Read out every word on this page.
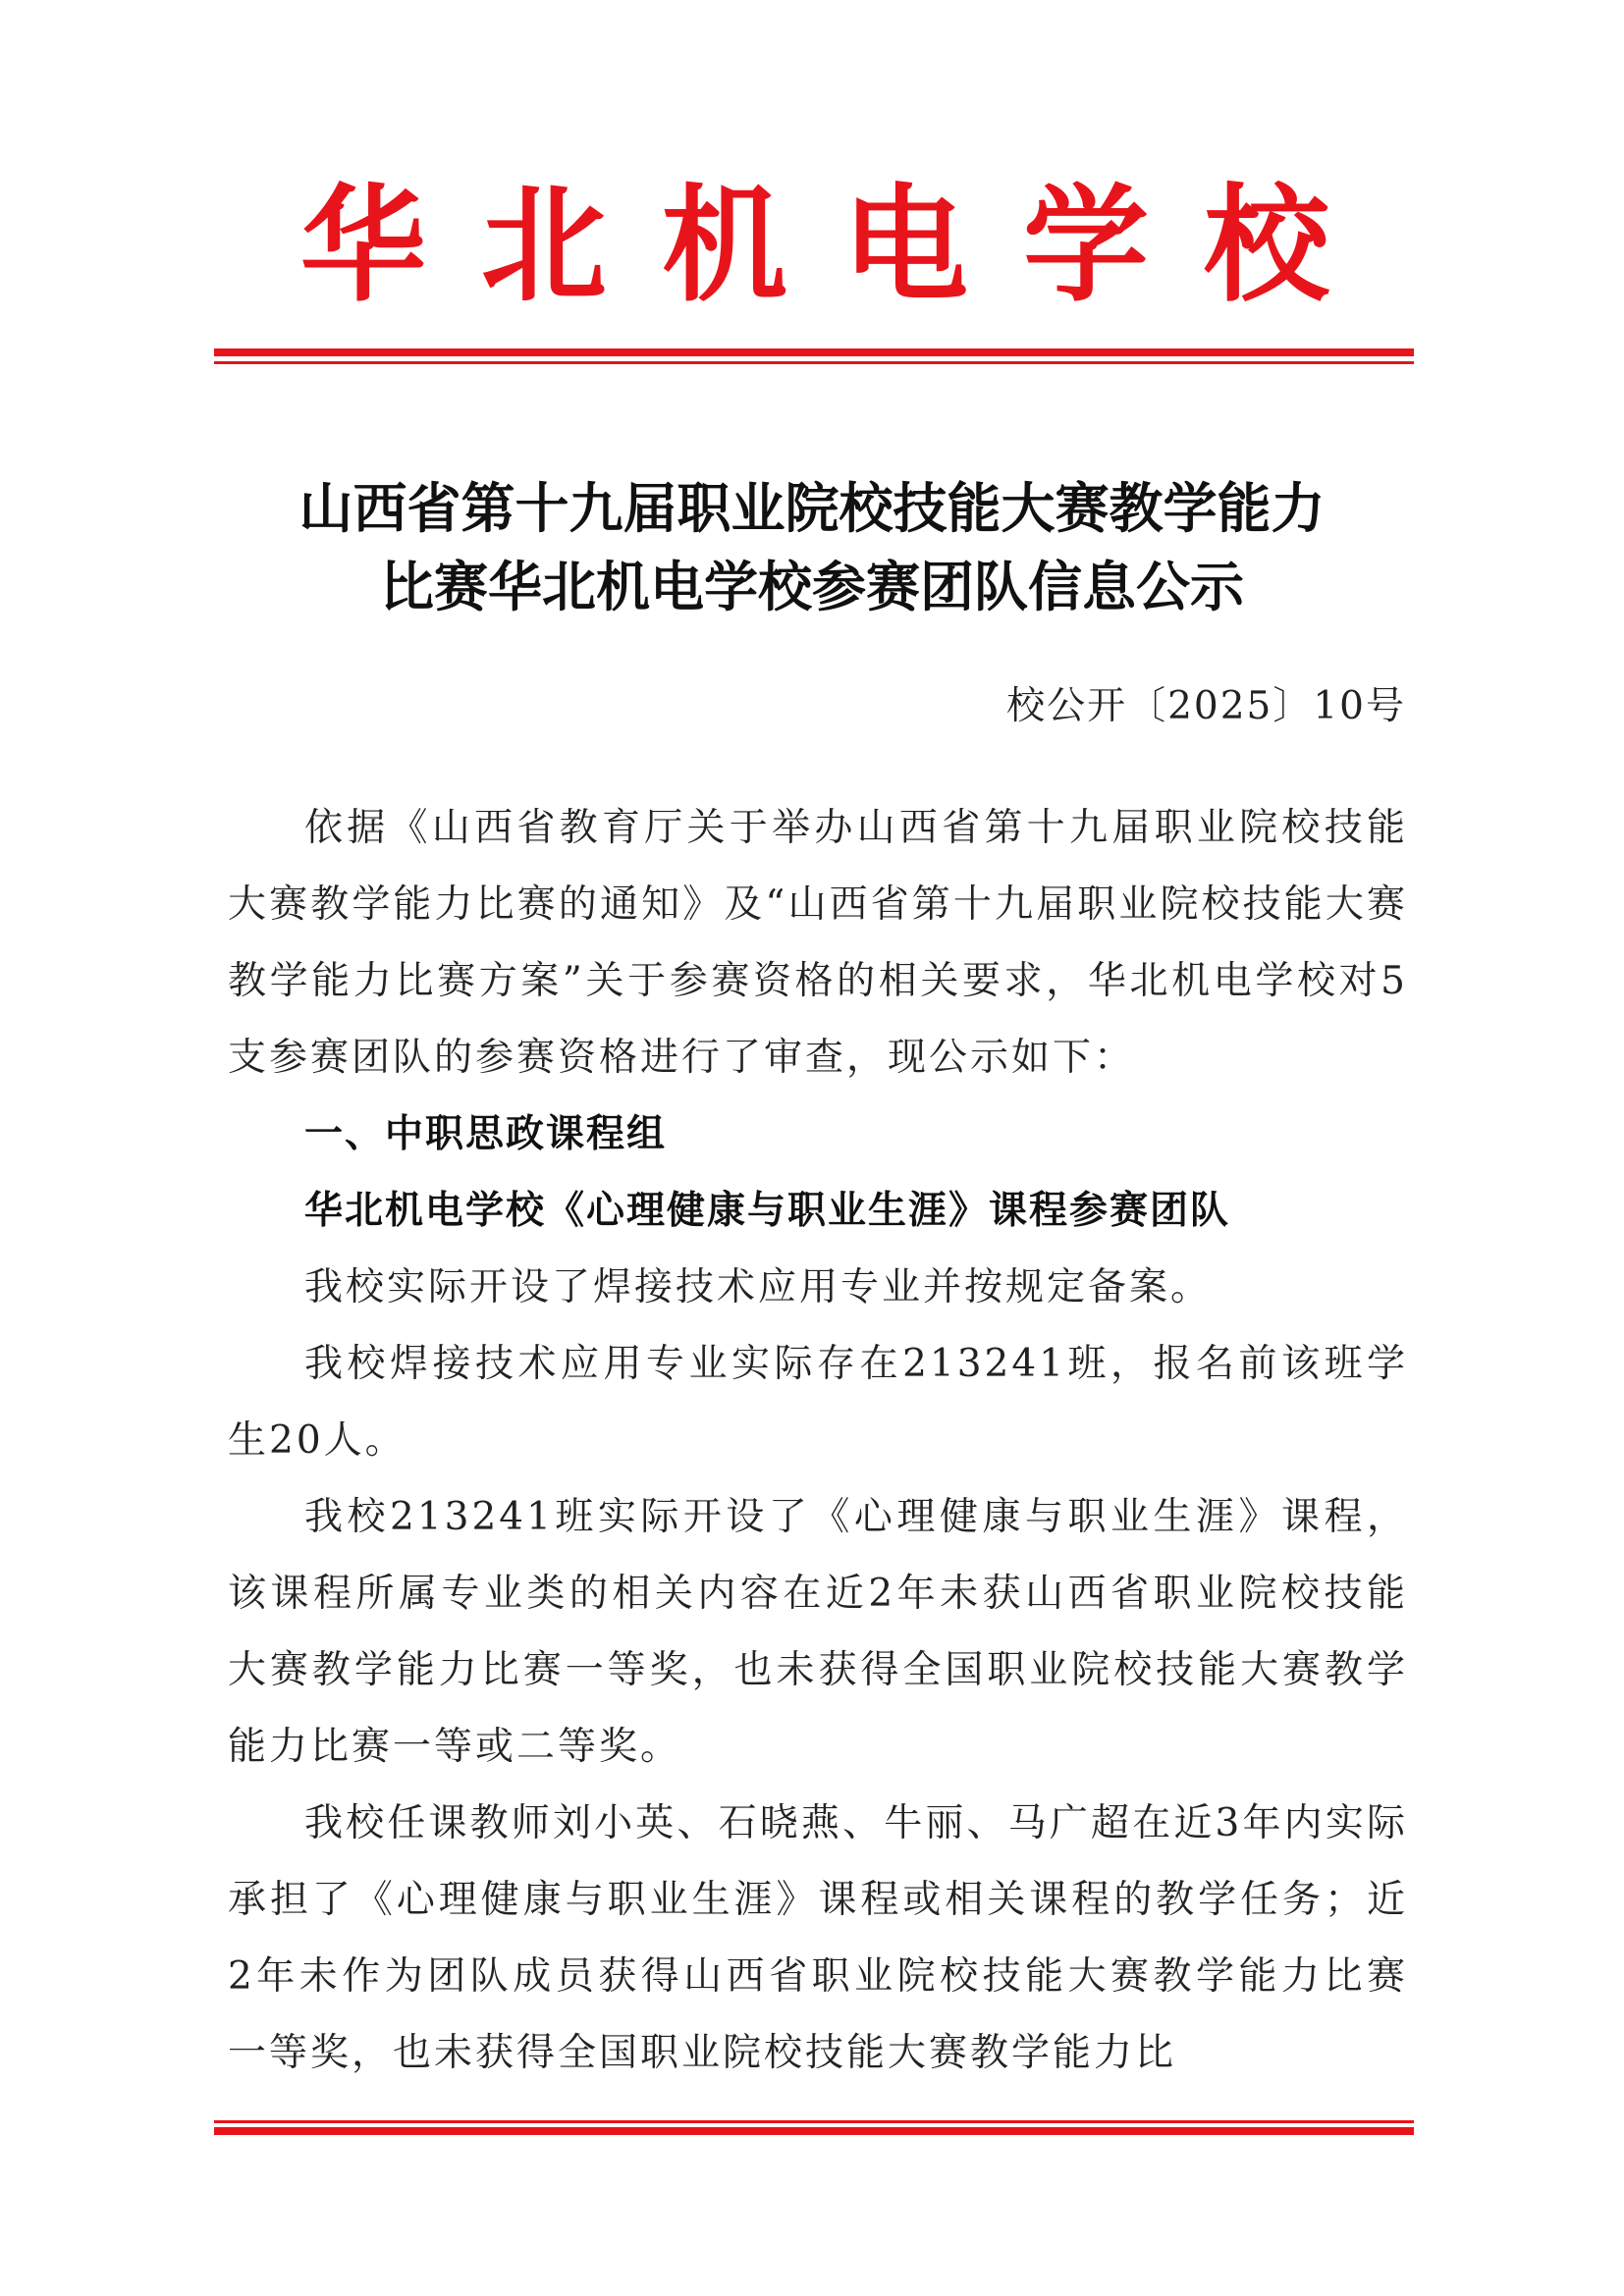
华北机电学校
山西省第十九届职业院校技能大赛教学能力
比赛华北机电学校参赛团队信息公示
校公开〔2025〕10号

依据《山西省教育厅关于举办山西省第十九届职业院校技能大赛教学能力比赛的通知》及“山西省第十九届职业院校技能大赛教学能力比赛方案”关于参赛资格的相关要求，华北机电学校对5支参赛团队的参赛资格进行了审查，现公示如下：

一、中职思政课程组

华北机电学校《心理健康与职业生涯》课程参赛团队

我校实际开设了焊接技术应用专业并按规定备案。

我校焊接技术应用专业实际存在213241班，报名前该班学生20人。

我校213241班实际开设了《心理健康与职业生涯》课程，该课程所属专业类的相关内容在近2年未获山西省职业院校技能大赛教学能力比赛一等奖，也未获得全国职业院校技能大赛教学能力比赛一等或二等奖。

我校任课教师刘小英、石晓燕、牛丽、马广超在近3年内实际承担了《心理健康与职业生涯》课程或相关课程的教学任务；近2年未作为团队成员获得山西省职业院校技能大赛教学能力比赛一等奖，也未获得全国职业院校技能大赛教学能力比
